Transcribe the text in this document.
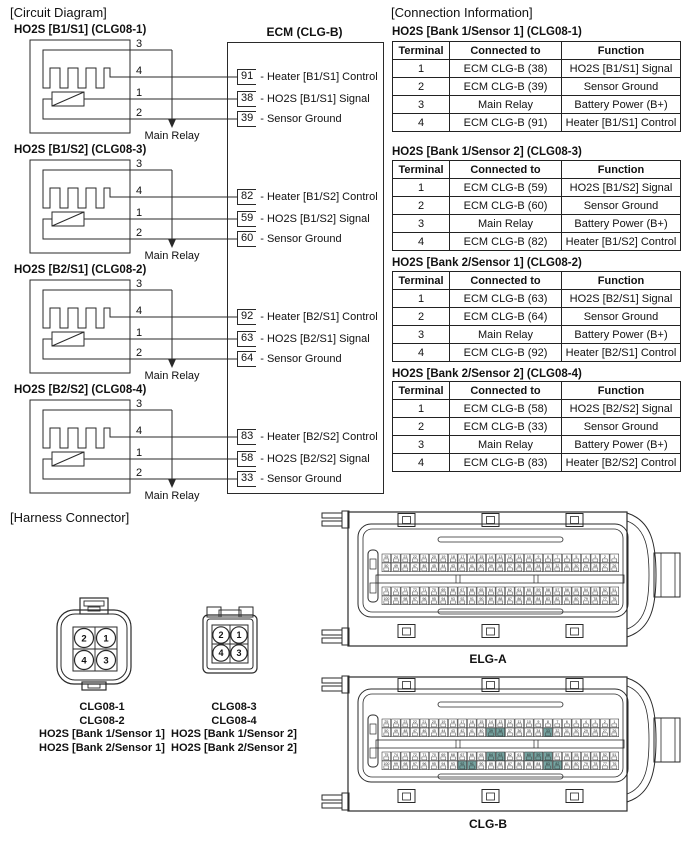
[Circuit Diagram]	[Connection Information]
[Harness Connector]
ECM (CLG-B)
HO2S [B1/S1] (CLG08-1)
3
4
1
2
Main Relay
91 - Heater [B1/S1] Control
38 - HO2S [B1/S1] Signal
39 - Sensor Ground
HO2S [B1/S2] (CLG08-3)
3
4
1
2
Main Relay
82 - Heater [B1/S2] Control
59 - HO2S [B1/S2] Signal
60 - Sensor Ground
HO2S [B2/S1] (CLG08-2)
3
4
1
2
Main Relay
92 - Heater [B2/S1] Control
63 - HO2S [B2/S1] Signal
64 - Sensor Ground
HO2S [B2/S2] (CLG08-4)
3
4
1
2
Main Relay
83 - Heater [B2/S2] Control
58 - HO2S [B2/S2] Signal
33 - Sensor Ground
HO2S [Bank 1/Sensor 1] (CLG08-1)
Terminal	Connected to	Function
1	ECM CLG-B (38)	HO2S [B1/S1] Signal
2	ECM CLG-B (39)	Sensor Ground
3	Main Relay	Battery Power (B+)
4	ECM CLG-B (91)	Heater [B1/S1] Control
HO2S [Bank 1/Sensor 2] (CLG08-3)
Terminal	Connected to	Function
1	ECM CLG-B (59)	HO2S [B1/S2] Signal
2	ECM CLG-B (60)	Sensor Ground
3	Main Relay	Battery Power (B+)
4	ECM CLG-B (82)	Heater [B1/S2] Control
HO2S [Bank 2/Sensor 1] (CLG08-2)
Terminal	Connected to	Function
1	ECM CLG-B (63)	HO2S [B2/S1] Signal
2	ECM CLG-B (64)	Sensor Ground
3	Main Relay	Battery Power (B+)
4	ECM CLG-B (92)	Heater [B2/S1] Control
HO2S [Bank 2/Sensor 2] (CLG08-4)
Terminal	Connected to	Function
1	ECM CLG-B (58)	HO2S [B2/S2] Signal
2	ECM CLG-B (33)	Sensor Ground
3	Main Relay	Battery Power (B+)
4	ECM CLG-B (83)	Heater [B2/S2] Control
2 1
4 3
2 1
4 3
CLG08-1
CLG08-2
HO2S [Bank 1/Sensor 1]
HO2S [Bank 2/Sensor 1]
CLG08-3
CLG08-4
HO2S [Bank 1/Sensor 2]
HO2S [Bank 2/Sensor 2]
25 24 23 22 21 20 19 18 17 16 15 14 13 12 11 10 9 8 7 6 5 4 3 2 1
50 49 48 47 46 45 44 43 42 41 40 39 38 37 36 35 34 33 32 31 30 29 28 27 26
75 74 73 72 71 70 69 68 67 66 65 64 63 62 61 60 59 58 57 56 55 54 53 52 51
100 99 98 97 96 95 94 93 92 91 90 89 88 87 86 85 84 83 82 81 80 79 78 77 76
ELG-A
25 24 23 22 21 20 19 18 17 16 15 14 13 12 11 10 9 8 7 6 5 4 3 2 1
50 49 48 47 46 45 44 43 42 41 40 39 38 37 36 35 34 33 32 31 30 29 28 27 26
75 74 73 72 71 70 69 68 67 66 65 64 63 62 61 60 59 58 57 56 55 54 53 52 51
100 99 98 97 96 95 94 93 92 91 90 89 88 87 86 85 84 83 82 81 80 79 78 77 76
CLG-B
